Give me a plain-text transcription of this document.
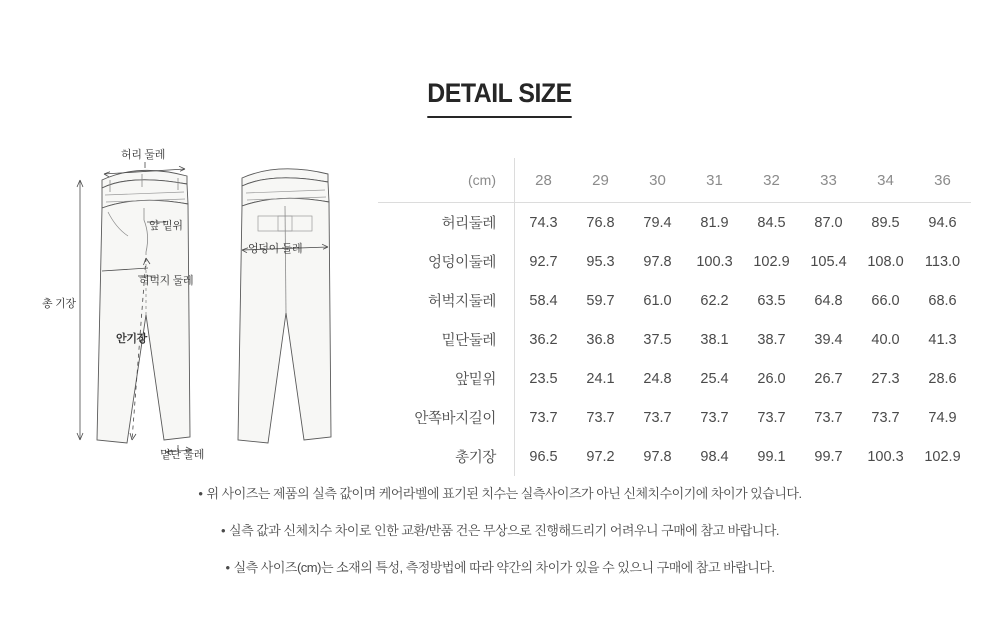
DETAIL SIZE
허리 둘레
앞 밑위
허벅지 둘레
안기장
총 기장
엉덩이 둘레
밑단 둘레
(cm)	28	29	30	31	32	33	34	36
허리둘레	74.3	76.8	79.4	81.9	84.5	87.0	89.5	94.6
엉덩이둘레	92.7	95.3	97.8	100.3	102.9	105.4	108.0	113.0
허벅지둘레	58.4	59.7	61.0	62.2	63.5	64.8	66.0	68.6
밑단둘레	36.2	36.8	37.5	38.1	38.7	39.4	40.0	41.3
앞밑위	23.5	24.1	24.8	25.4	26.0	26.7	27.3	28.6
안쪽바지길이	73.7	73.7	73.7	73.7	73.7	73.7	73.7	74.9
총기장	96.5	97.2	97.8	98.4	99.1	99.7	100.3	102.9
• 위 사이즈는 제품의 실측 값이며 케어라벨에 표기된 치수는 실측사이즈가 아닌 신체치수이기에 차이가 있습니다.
• 실측 값과 신체치수 차이로 인한 교환/반품 건은 무상으로 진행해드리기 어려우니 구매에 참고 바랍니다.
• 실측 사이즈(cm)는 소재의 특성, 측정방법에 따라 약간의 차이가 있을 수 있으니 구매에 참고 바랍니다.
